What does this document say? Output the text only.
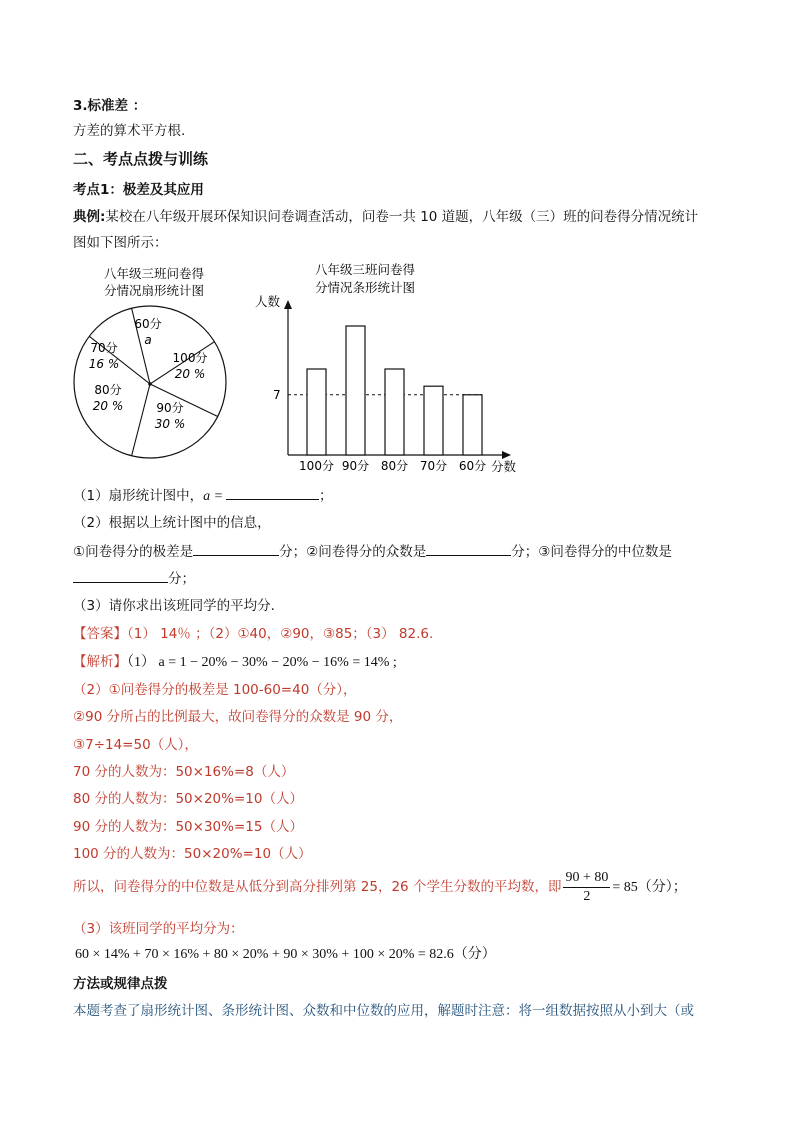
3.标准差 ：
方差的算术平方根.
二、考点点拨与训练
考点1：极差及其应用
典例:某校在八年级开展环保知识问卷调查活动，问卷一共 10 道题，八年级（三）班的问卷得分情况统计
图如下图所示：
八年级三班问卷得
分情况扇形统计图
60分
a
100分
20 %
90分
30 %
80分
20 %
70分
16 %
八年级三班问卷得
分情况条形统计图
人数
分数
7
100分 90分 80分 70分 60分
（1）扇形统计图中，a =	；
（2）根据以上统计图中的信息，
①问卷得分的极差是	分；②问卷得分的众数是	分；③问卷得分的中位数是
分；
（3）请你求出该班同学的平均分.
【答案】（1） 14％ ；（2）①40，②90，③85；（3） 82.6.
【解析】（1） a = 1 − 20% − 30% − 20% − 16% = 14% ;
（2）①问卷得分的极差是 100-60=40（分），
②90 分所占的比例最大，故问卷得分的众数是 90 分，
③7÷14=50（人），
70 分的人数为：50×16%=8（人）
80 分的人数为：50×20%=10（人）
90 分的人数为：50×30%=15（人）
100 分的人数为：50×20%=10（人）
所以，问卷得分的中位数是从低分到高分排列第 25，26 个学生分数的平均数，即 $\frac{90 + 80}{2} = 85$（分）；
（3）该班同学的平均分为：
60 × 14% + 70 × 16% + 80 × 20% + 90 × 30% + 100 × 20% = 82.6（分）
方法或规律点拨
本题考查了扇形统计图、条形统计图、众数和中位数的应用，解题时注意：将一组数据按照从小到大（或
